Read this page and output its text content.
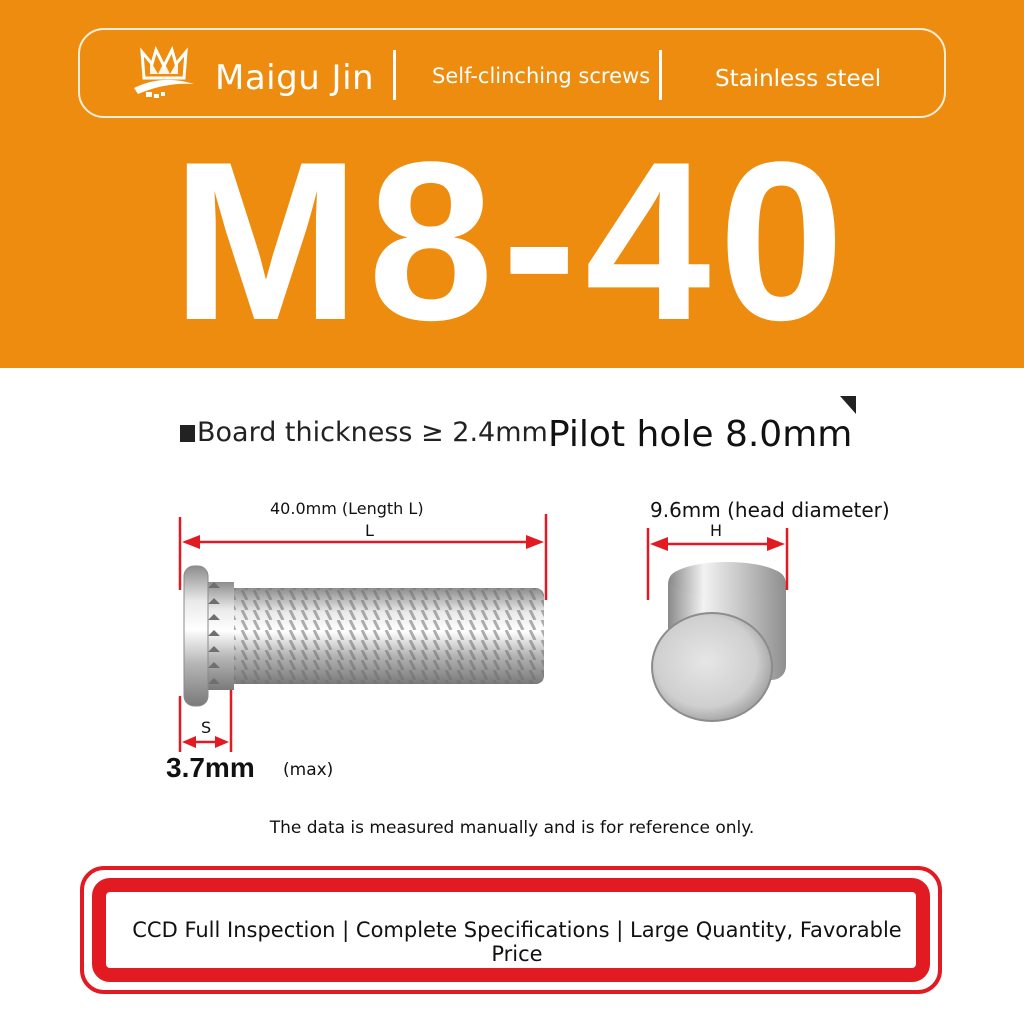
Maigu Jin	Self-clinching screws	Stainless steel
M8-40
Board thickness ≥ 2.4mm Pilot hole 8.0mm
40.0mm (Length L)
L
9.6mm (head diameter)
H
S
3.7mm (max)
The data is measured manually and is for reference only.
CCD Full Inspection | Complete Specifications | Large Quantity, Favorable Price
